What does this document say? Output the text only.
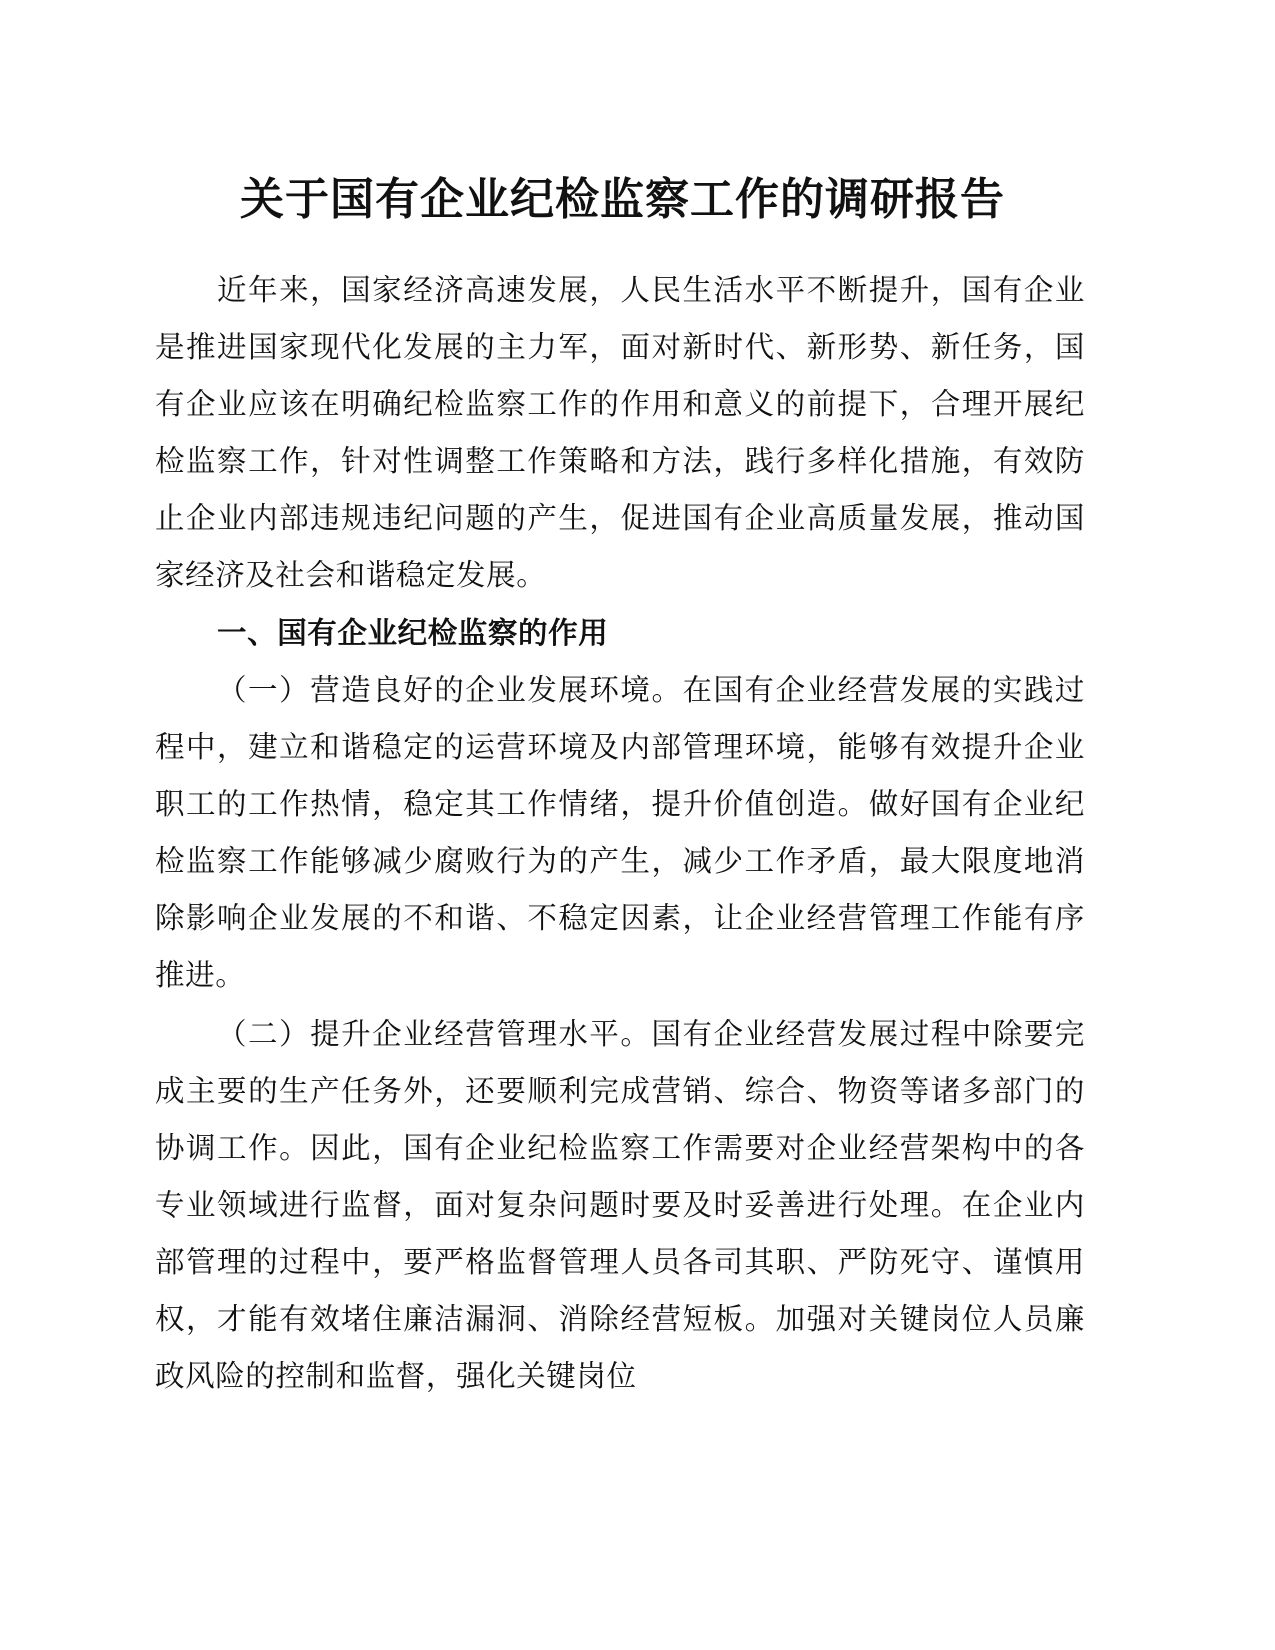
关于国有企业纪检监察工作的调研报告

近年来，国家经济高速发展，人民生活水平不断提升，国有企业是推进国家现代化发展的主力军，面对新时代、新形势、新任务，国有企业应该在明确纪检监察工作的作用和意义的前提下，合理开展纪检监察工作，针对性调整工作策略和方法，践行多样化措施，有效防止企业内部违规违纪问题的产生，促进国有企业高质量发展，推动国家经济及社会和谐稳定发展。

一、国有企业纪检监察的作用

（一）营造良好的企业发展环境。在国有企业经营发展的实践过程中，建立和谐稳定的运营环境及内部管理环境，能够有效提升企业职工的工作热情，稳定其工作情绪，提升价值创造。做好国有企业纪检监察工作能够减少腐败行为的产生，减少工作矛盾，最大限度地消除影响企业发展的不和谐、不稳定因素，让企业经营管理工作能有序推进。

（二）提升企业经营管理水平。国有企业经营发展过程中除要完成主要的生产任务外，还要顺利完成营销、综合、物资等诸多部门的协调工作。因此，国有企业纪检监察工作需要对企业经营架构中的各专业领域进行监督，面对复杂问题时要及时妥善进行处理。在企业内部管理的过程中，要严格监督管理人员各司其职、严防死守、谨慎用权，才能有效堵住廉洁漏洞、消除经营短板。加强对关键岗位人员廉政风险的控制和监督，强化关键岗位
